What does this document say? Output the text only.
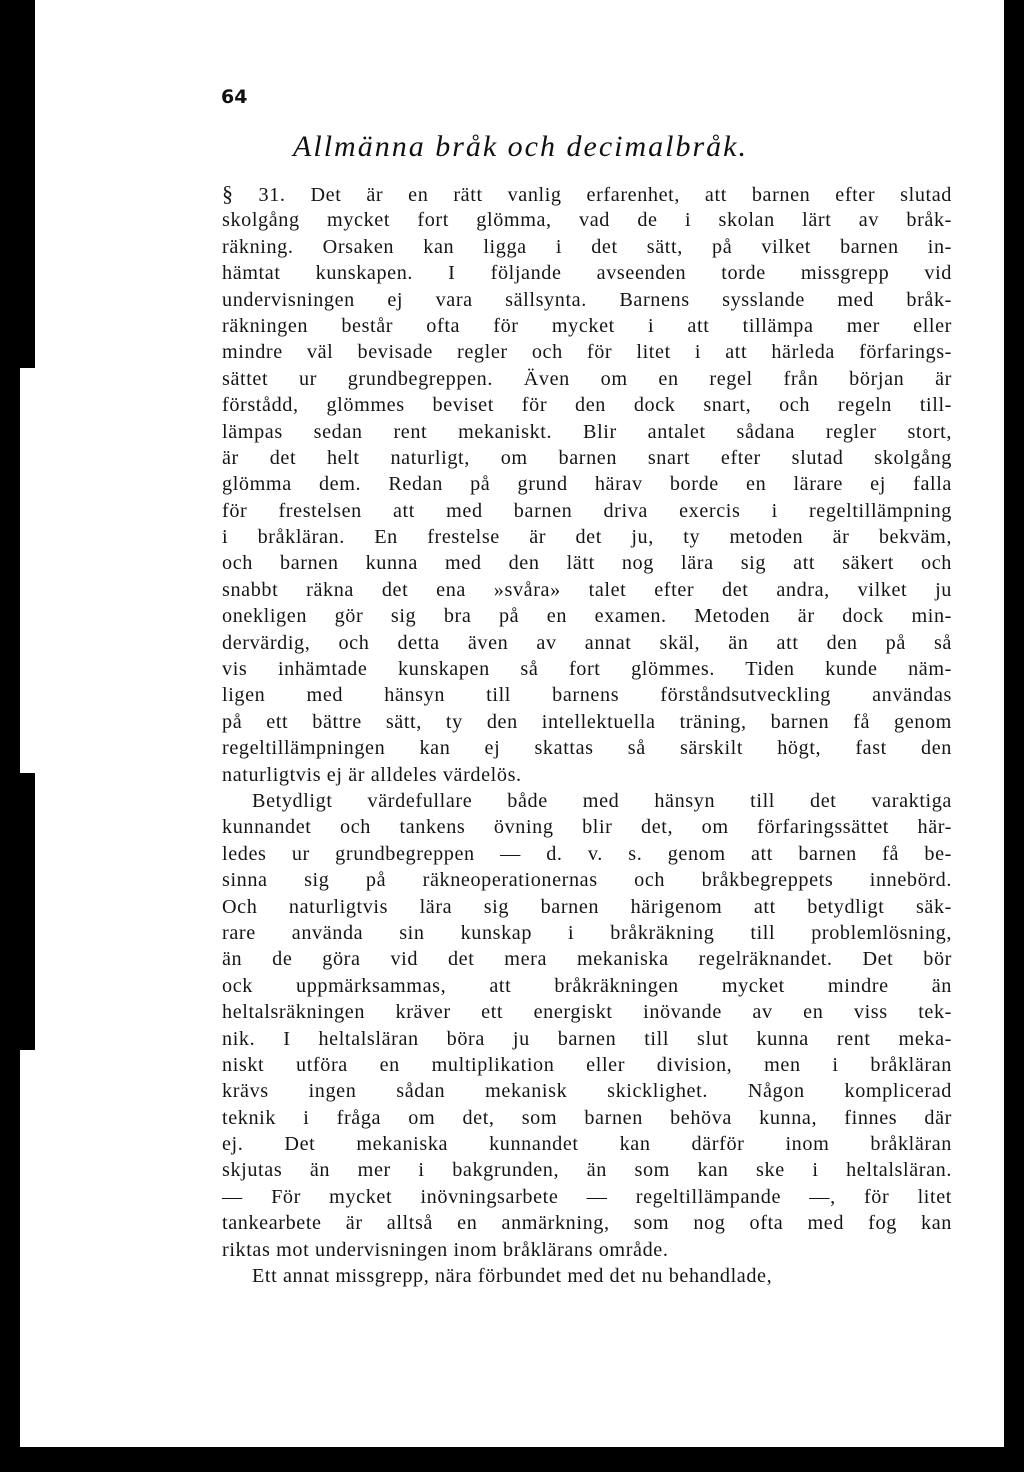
64
Allmänna bråk och decimalbråk.
§ 31. Det är en rätt vanlig erfarenhet, att barnen efter slutad
skolgång mycket fort glömma, vad de i skolan lärt av bråk-
räkning. Orsaken kan ligga i det sätt, på vilket barnen in-
hämtat kunskapen. I följande avseenden torde missgrepp vid
undervisningen ej vara sällsynta. Barnens sysslande med bråk-
räkningen består ofta för mycket i att tillämpa mer eller
mindre väl bevisade regler och för litet i att härleda förfarings-
sättet ur grundbegreppen. Även om en regel från början är
förstådd, glömmes beviset för den dock snart, och regeln till-
lämpas sedan rent mekaniskt. Blir antalet sådana regler stort,
är det helt naturligt, om barnen snart efter slutad skolgång
glömma dem. Redan på grund härav borde en lärare ej falla
för frestelsen att med barnen driva exercis i regeltillämpning
i bråkläran. En frestelse är det ju, ty metoden är bekväm,
och barnen kunna med den lätt nog lära sig att säkert och
snabbt räkna det ena »svåra» talet efter det andra, vilket ju
onekligen gör sig bra på en examen. Metoden är dock min-
dervärdig, och detta även av annat skäl, än att den på så
vis inhämtade kunskapen så fort glömmes. Tiden kunde näm-
ligen med hänsyn till barnens förståndsutveckling användas
på ett bättre sätt, ty den intellektuella träning, barnen få genom
regeltillämpningen kan ej skattas så särskilt högt, fast den
naturligtvis ej är alldeles värdelös.
Betydligt värdefullare både med hänsyn till det varaktiga
kunnandet och tankens övning blir det, om förfaringssättet här-
ledes ur grundbegreppen — d. v. s. genom att barnen få be-
sinna sig på räkneoperationernas och bråkbegreppets innebörd.
Och naturligtvis lära sig barnen härigenom att betydligt säk-
rare använda sin kunskap i bråkräkning till problemlösning,
än de göra vid det mera mekaniska regelräknandet. Det bör
ock uppmärksammas, att bråkräkningen mycket mindre än
heltalsräkningen kräver ett energiskt inövande av en viss tek-
nik. I heltalsläran böra ju barnen till slut kunna rent meka-
niskt utföra en multiplikation eller division, men i bråkläran
krävs ingen sådan mekanisk skicklighet. Någon komplicerad
teknik i fråga om det, som barnen behöva kunna, finnes där
ej. Det mekaniska kunnandet kan därför inom bråkläran
skjutas än mer i bakgrunden, än som kan ske i heltalsläran.
— För mycket inövningsarbete — regeltillämpande —, för litet
tankearbete är alltså en anmärkning, som nog ofta med fog kan
riktas mot undervisningen inom bråklärans område.
Ett annat missgrepp, nära förbundet med det nu behandlade,
